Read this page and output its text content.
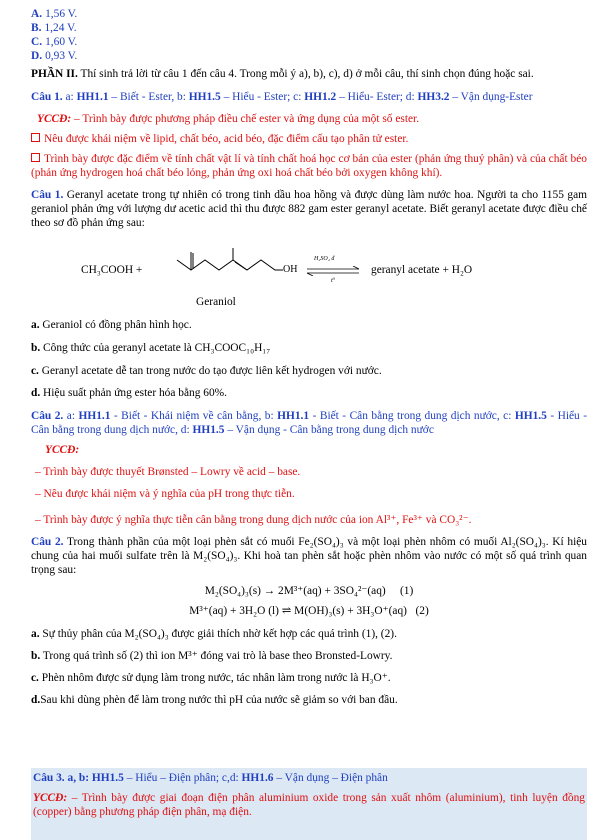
A. 1,56 V.
B. 1,24 V.
C. 1,60 V.
D. 0,93 V.
PHẦN II. Thí sinh trả lời từ câu 1 đến câu 4. Trong mỗi ý a), b), c), d) ở mỗi câu, thí sinh chọn đúng hoặc sai.
Câu 1. a: HH1.1 – Biết - Ester, b: HH1.5 – Hiểu - Ester; c: HH1.2 – Hiểu- Ester; d: HH3.2 – Vận dụng-Ester
YCCĐ: – Trình bày được phương pháp điều chế ester và ứng dụng của một số ester.
Nêu được khái niệm về lipid, chất béo, acid béo, đặc điểm cấu tạo phân tử ester.
Trình bày được đặc điểm về tính chất vật lí và tính chất hoá học cơ bản của ester (phản ứng thuỷ phân) và của chất béo (phản ứng hydrogen hoá chất béo lỏng, phản ứng oxi hoá chất béo bởi oxygen không khí).
Câu 1. Geranyl acetate trong tự nhiên có trong tinh dầu hoa hồng và được dùng làm nước hoa. Người ta cho 1155 gam geraniol phản ứng với lượng dư acetic acid thì thu được 882 gam ester geranyl acetate. Biết geranyl acetate được điều chế theo sơ đồ phản ứng sau:
CH₃COOH +	OH
H₂SO₄ đ
t⁰
geranyl acetate + H₂O
Geraniol
a. Geraniol có đồng phân hình học.
b. Công thức của geranyl acetate là CH₃COOC₁₀H₁₇
c. Geranyl acetate dễ tan trong nước do tạo được liên kết hydrogen với nước.
d. Hiệu suất phản ứng ester hóa bằng 60%.
Câu 2. a: HH1.1 - Biết - Khái niệm về cân bằng, b: HH1.1 - Biết - Cân bằng trong dung dịch nước, c: HH1.5 - Hiểu - Cân bằng trong dung dịch nước, d: HH1.5 – Vận dụng - Cân bằng trong dung dịch nước
YCCĐ:
– Trình bày được thuyết Brønsted – Lowry về acid – base.
– Nêu được khái niệm và ý nghĩa của pH trong thực tiễn.
– Trình bày được ý nghĩa thực tiễn cân bằng trong dung dịch nước của ion Al³⁺, Fe³⁺ và CO₃²⁻.
Câu 2. Trong thành phần của một loại phèn sắt có muối Fe₂(SO₄)₃ và một loại phèn nhôm có muối Al₂(SO₄)₃. Kí hiệu chung của hai muối sulfate trên là M₂(SO₄)₃. Khi hoà tan phèn sắt hoặc phèn nhôm vào nước có một số quá trình quan trọng sau:
M₂(SO₄)₃(s) → 2M³⁺(aq) + 3SO₄²⁻(aq) (1)
M³⁺(aq) + 3H₂O (l) ⇌ M(OH)₃(s) + 3H₃O⁺(aq) (2)
a. Sự thủy phân của M₂(SO₄)₃ được giải thích nhờ kết hợp các quá trình (1), (2).
b. Trong quá trình số (2) thì ion M³⁺ đóng vai trò là base theo Bronsted-Lowry.
c. Phèn nhôm được sử dụng làm trong nước, tác nhân làm trong nước là H₃O⁺.
d.Sau khi dùng phèn để làm trong nước thì pH của nước sẽ giảm so với ban đầu.
Câu 3. a, b: HH1.5 – Hiểu – Điện phân; c,d: HH1.6 – Vận dụng – Điện phân
YCCĐ: – Trình bày được giai đoạn điện phân aluminium oxide trong sản xuất nhôm (aluminium), tinh luyện đồng (copper) bằng phương pháp điện phân, mạ điện.
